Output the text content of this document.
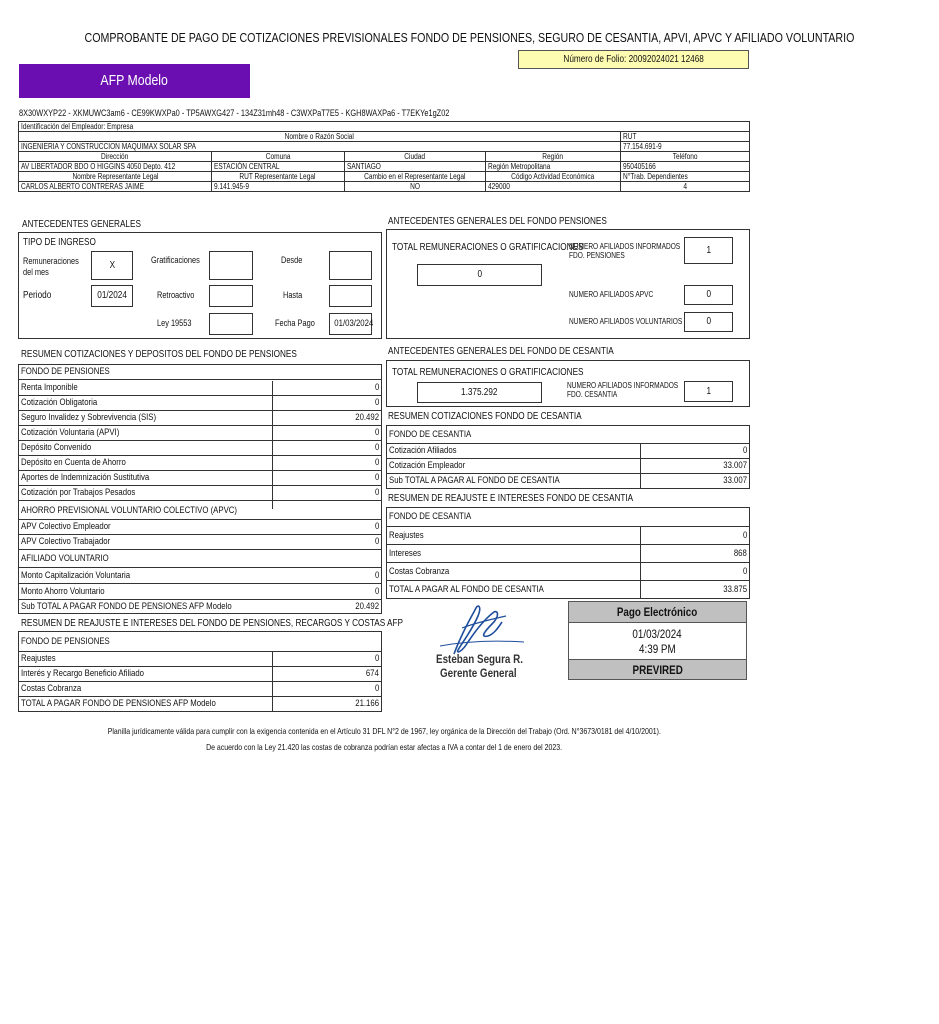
COMPROBANTE DE PAGO DE COTIZACIONES PREVISIONALES FONDO DE PENSIONES, SEGURO DE CESANTIA, APVI, APVC Y AFILIADO VOLUNTARIO
Número de Folio: 20092024021 12468
AFP Modelo
8X30WXYP22 - XKMUWC3am6 - CE99KWXPa0 - TP5AWXG427 - 134Z31mh48 - C3WXPaT7E5 - KGH8WAXPa6 - T7EKYe1gZ02
Identificación del Empleador: Empresa				
Nombre o Razón Social				RUT
INGENIERIA Y CONSTRUCCION MAQUIMAX SOLAR SPA				77.154.691-9
Dirección	Comuna	Ciudad	Región	Teléfono
AV LIBERTADOR BDO O HIGGINS 4050 Depto. 412	ESTACIÓN CENTRAL	SANTIAGO	Región Metropolitana	950405166
Nombre Representante Legal	RUT Representante Legal	Cambio en el Representante Legal	Código Actividad Económica	N°Trab. Dependientes
CARLOS ALBERTO CONTRERAS JAIME	9.141.945-9	NO	429000	4
ANTECEDENTES GENERALES
TIPO DE INGRESO
Remuneraciones del mes
X	Gratificaciones	Desde
Periodo	01/2024	Retroactivo	Hasta
Ley 19553	Fecha Pago	01/03/2024
ANTECEDENTES GENERALES DEL FONDO PENSIONES
TOTAL REMUNERACIONES O GRATIFICACIONES
0
NUMERO AFILIADOS INFORMADOS FDO. PENSIONES	1
NUMERO AFILIADOS APVC	0
NUMERO AFILIADOS VOLUNTARIOS	0
RESUMEN COTIZACIONES Y DEPOSITOS DEL FONDO DE PENSIONES
FONDO DE PENSIONES
Renta Imponible	0
Cotización Obligatoria	0
Seguro Invalidez y Sobrevivencia (SIS)	20.492
Cotización Voluntaria (APVI)	0
Depósito Convenido	0
Depósito en Cuenta de Ahorro	0
Aportes de Indemnización Sustitutiva	0
Cotización por Trabajos Pesados	0
AHORRO PREVISIONAL VOLUNTARIO COLECTIVO (APVC)
APV Colectivo Empleador	0
APV Colectivo Trabajador	0
AFILIADO VOLUNTARIO
Monto Capitalización Voluntaria	0
Monto Ahorro Voluntario	0
Sub TOTAL A PAGAR FONDO DE PENSIONES AFP Modelo	20.492
RESUMEN DE REAJUSTE E INTERESES DEL FONDO DE PENSIONES, RECARGOS Y COSTAS AFP
FONDO DE PENSIONES
Reajustes	0
Interés y Recargo Beneficio Afiliado	674
Costas Cobranza	0
TOTAL A PAGAR FONDO DE PENSIONES AFP Modelo	21.166
ANTECEDENTES GENERALES DEL FONDO DE CESANTIA
TOTAL REMUNERACIONES O GRATIFICACIONES
1.375.292
NUMERO AFILIADOS INFORMADOS FDO. CESANTIA	1
RESUMEN COTIZACIONES FONDO DE CESANTIA
FONDO DE CESANTIA
Cotización Afiliados	0
Cotización Empleador	33.007
Sub TOTAL A PAGAR AL FONDO DE CESANTIA	33.007
RESUMEN DE REAJUSTE E INTERESES FONDO DE CESANTIA
FONDO DE CESANTIA
Reajustes	0
Intereses	868
Costas Cobranza	0
TOTAL A PAGAR AL FONDO DE CESANTIA	33.875
Esteban Segura R.
Gerente General
Pago Electrónico
01/03/2024
4:39 PM
PREVIRED
Planilla jurídicamente válida para cumplir con la exigencia contenida en el Artículo 31 DFL N°2 de 1967, ley orgánica de la Dirección del Trabajo (Ord. N°3673/0181 del 4/10/2001).
De acuerdo con la Ley 21.420 las costas de cobranza podrían estar afectas a IVA a contar del 1 de enero del 2023.
